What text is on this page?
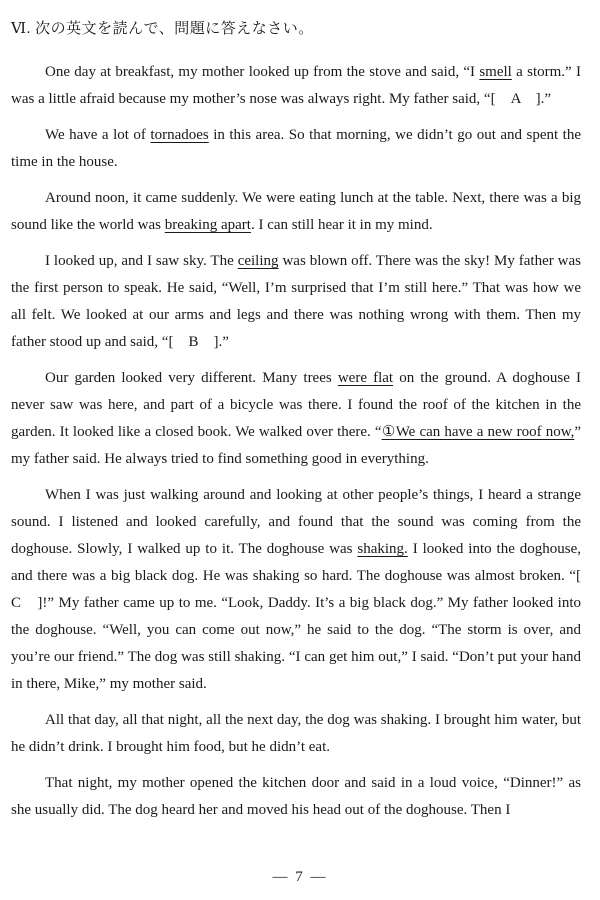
Ⅵ. 次の英文を読んで、問題に答えなさい。

One day at breakfast, my mother looked up from the stove and said, “I smell a storm.” I was a little afraid because my mother’s nose was always right. My father said, “[　A　].”

We have a lot of tornadoes in this area. So that morning, we didn’t go out and spent the time in the house.

Around noon, it came suddenly. We were eating lunch at the table. Next, there was a big sound like the world was breaking apart. I can still hear it in my mind.

I looked up, and I saw sky. The ceiling was blown off. There was the sky! My father was the first person to speak. He said, “Well, I’m surprised that I’m still here.” That was how we all felt. We looked at our arms and legs and there was nothing wrong with them. Then my father stood up and said, “[　B　].”

Our garden looked very different. Many trees were flat on the ground. A doghouse I never saw was here, and part of a bicycle was there. I found the roof of the kitchen in the garden. It looked like a closed book. We walked over there. “①We can have a new roof now,” my father said. He always tried to find something good in everything.

When I was just walking around and looking at other people’s things, I heard a strange sound. I listened and looked carefully, and found that the sound was coming from the doghouse. Slowly, I walked up to it. The doghouse was shaking. I looked into the doghouse, and there was a big black dog. He was shaking so hard. The doghouse was almost broken. “[　C　]!” My father came up to me. “Look, Daddy. It’s a big black dog.” My father looked into the doghouse. “Well, you can come out now,” he said to the dog. “The storm is over, and you’re our friend.” The dog was still shaking. “I can get him out,” I said. “Don’t put your hand in there, Mike,” my mother said.

All that day, all that night, all the next day, the dog was shaking. I brought him water, but he didn’t drink. I brought him food, but he didn’t eat.

That night, my mother opened the kitchen door and said in a loud voice, “Dinner!” as she usually did. The dog heard her and moved his head out of the doghouse. Then I

— 7 —
